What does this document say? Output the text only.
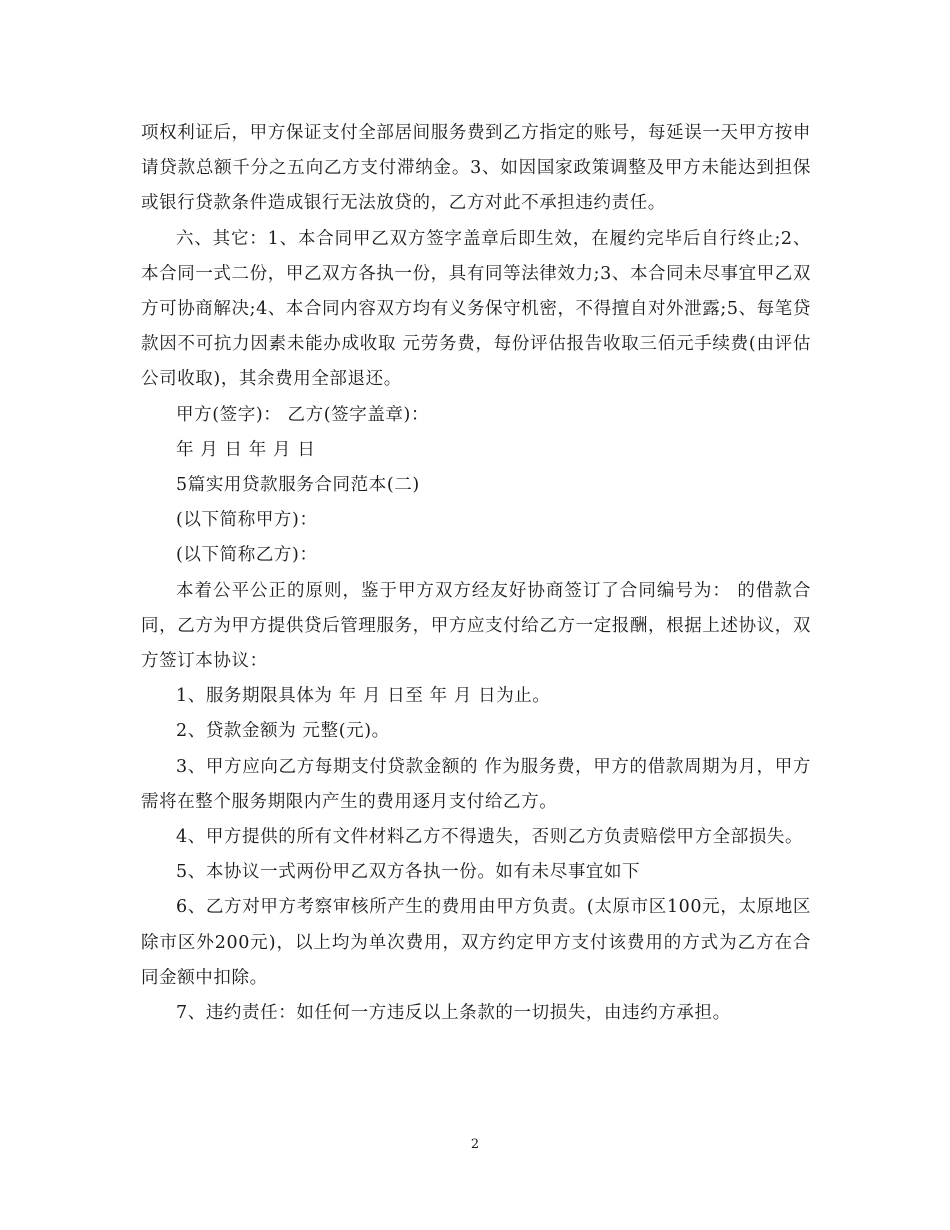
项权利证后，甲方保证支付全部居间服务费到乙方指定的账号，每延误一天甲方按申请贷款总额千分之五向乙方支付滞纳金。3、如因国家政策调整及甲方未能达到担保或银行贷款条件造成银行无法放贷的，乙方对此不承担违约责任。

六、其它：1、本合同甲乙双方签字盖章后即生效，在履约完毕后自行终止;2、本合同一式二份，甲乙双方各执一份，具有同等法律效力;3、本合同未尽事宜甲乙双方可协商解决;4、本合同内容双方均有义务保守机密，不得擅自对外泄露;5、每笔贷款因不可抗力因素未能办成收取 元劳务费，每份评估报告收取三佰元手续费(由评估公司收取)，其余费用全部退还。

甲方(签字)： 乙方(签字盖章)：

年 月 日 年 月 日

5篇实用贷款服务合同范本(二)

(以下简称甲方)：

(以下简称乙方)：

本着公平公正的原则，鉴于甲方双方经友好协商签订了合同编号为： 的借款合同，乙方为甲方提供贷后管理服务，甲方应支付给乙方一定报酬，根据上述协议，双方签订本协议：

1、服务期限具体为 年 月 日至 年 月 日为止。

2、贷款金额为 元整(元)。

3、甲方应向乙方每期支付贷款金额的 作为服务费，甲方的借款周期为月，甲方需将在整个服务期限内产生的费用逐月支付给乙方。

4、甲方提供的所有文件材料乙方不得遗失，否则乙方负责赔偿甲方全部损失。

5、本协议一式两份甲乙双方各执一份。如有未尽事宜如下

6、乙方对甲方考察审核所产生的费用由甲方负责。(太原市区100元，太原地区除市区外200元)，以上均为单次费用，双方约定甲方支付该费用的方式为乙方在合同金额中扣除。

7、违约责任：如任何一方违反以上条款的一切损失，由违约方承担。

2
